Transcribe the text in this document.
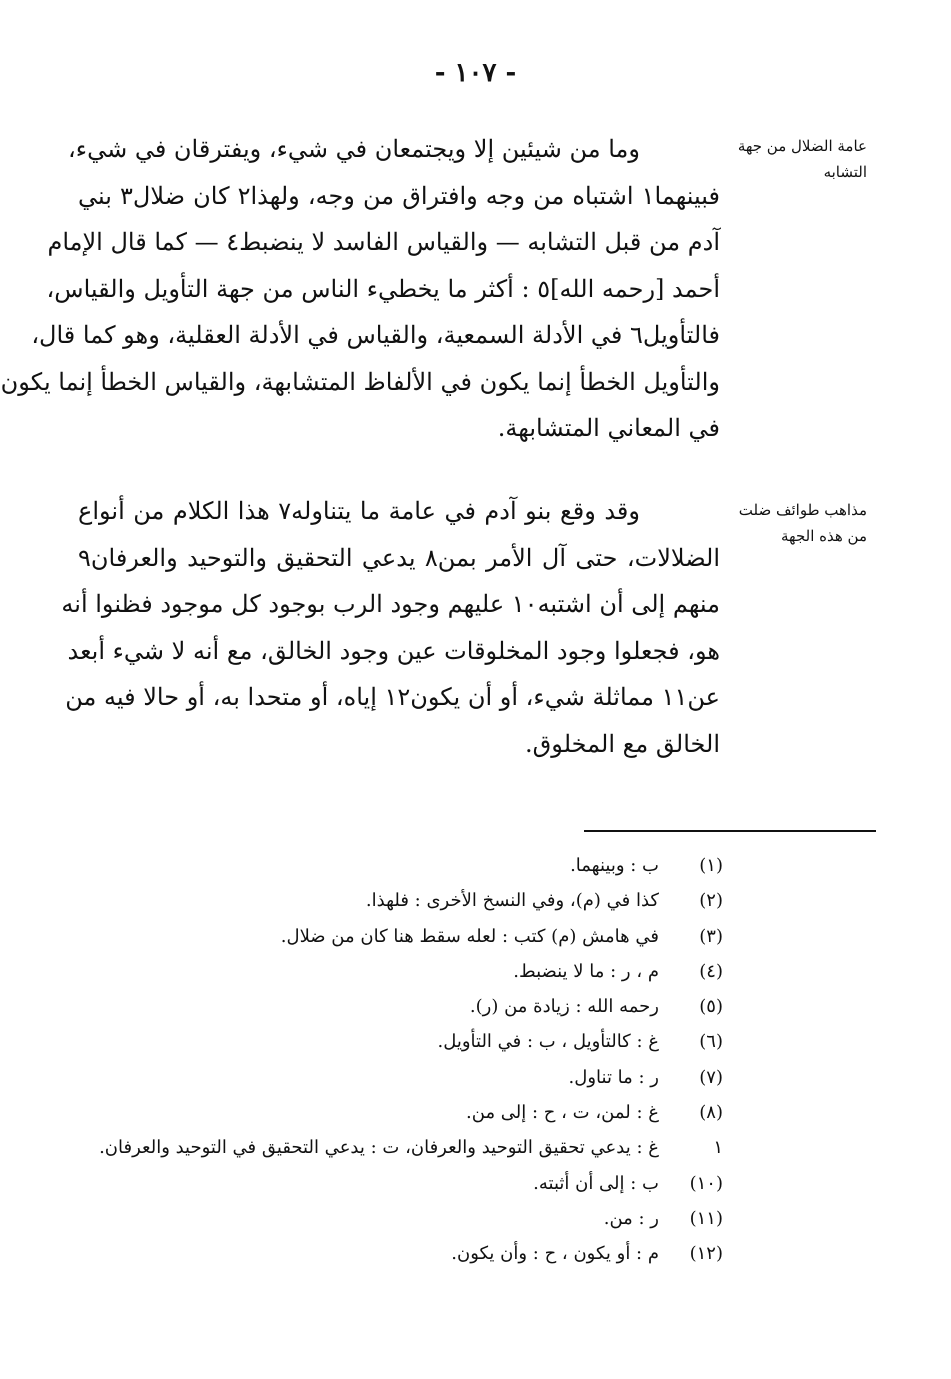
- ١٠٧ -
عامة الضلال من جهة التشابه
وما من شيئين إلا ويجتمعان في شيء، ويفترقان في شيء،
فبينهما١ اشتباه من وجه وافتراق من وجه، ولهذا٢ كان ضلال٣ بني
آدم من قبل التشابه — والقياس الفاسد لا ينضبط٤ — كما قال الإمام
أحمد [رحمه الله]٥ : أكثر ما يخطيء الناس من جهة التأويل والقياس،
فالتأويل٦ في الأدلة السمعية، والقياس في الأدلة العقلية، وهو كما قال،
والتأويل الخطأ إنما يكون في الألفاظ المتشابهة، والقياس الخطأ إنما يكون
في المعاني المتشابهة.
مذاهب طوائف ضلت من هذه الجهة
وقد وقع بنو آدم في عامة ما يتناوله٧ هذا الكلام من أنواع
الضلالات، حتى آل الأمر بمن٨ يدعي التحقيق والتوحيد والعرفان٩
منهم إلى أن اشتبه١٠ عليهم وجود الرب بوجود كل موجود فظنوا أنه
هو، فجعلوا وجود المخلوقات عين وجود الخالق، مع أنه لا شيء أبعد
عن١١ مماثلة شيء، أو أن يكون١٢ إياه، أو متحدا به، أو حالا فيه من
الخالق مع المخلوق.
(١)ب : وبينهما.
(٢)كذا في (م)، وفي النسخ الأخرى : فلهذا.
(٣)في هامش (م) كتب : لعله سقط هنا كان من ضلال.
(٤)م ، ر : ما لا ينضبط.
(٥)رحمه الله : زيادة من (ر).
(٦)غ : كالتأويل ، ب : في التأويل.
(٧)ر : ما تناول.
(٨)غ : لمن، ت ، ح : إلى من.
١غ : يدعي تحقيق التوحيد والعرفان، ت : يدعي التحقيق في التوحيد والعرفان.
(١٠)ب : إلى أن أثبته.
(١١)ر : من.
(١٢)م : أو يكون ، ح : وأن يكون.
